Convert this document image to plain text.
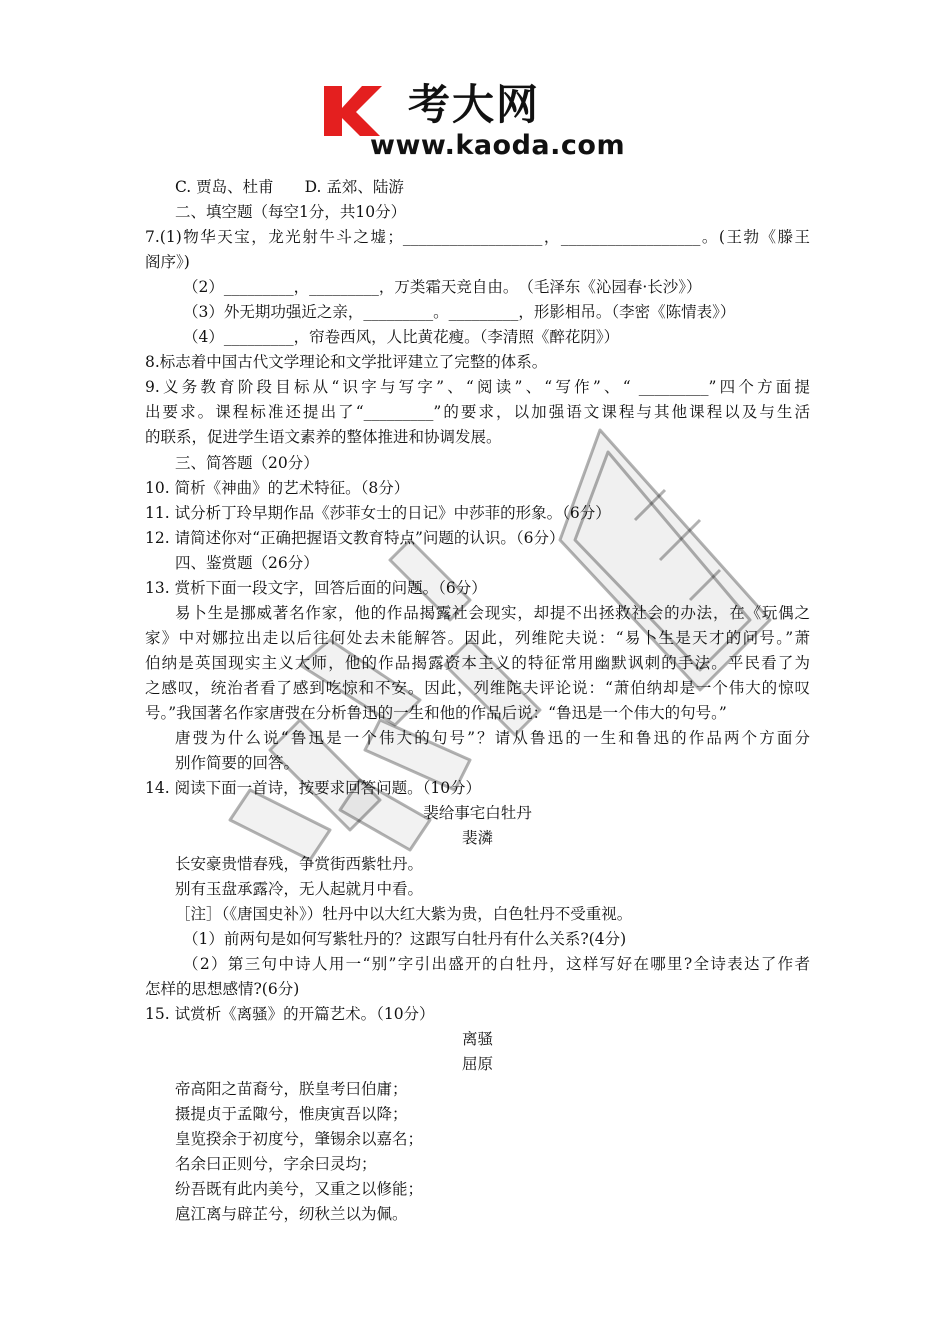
考大网
www.kaoda.com
C. 贾岛、杜甫　　D. 孟郊、陆游
二、填空题（每空1分，共10分）
7.(1)物华天宝，龙光射牛斗之墟；__________________，__________________。(王勃《滕王
阁序》)
（2）_________，_________，万类霜天竞自由。　（毛泽东《沁园春·长沙》）
（3）外无期功强近之亲，_________。_________，形影相吊。（李密《陈情表》）
（4）_________，帘卷西风，人比黄花瘦。（李清照《醉花阴》）
8.标志着中国古代文学理论和文学批评建立了完整的体系。
9.义务教育阶段目标从“识字与写字”、“阅读”、“写作”、“ _________”四个方面提
出要求。课程标准还提出了“_________”的要求，以加强语文课程与其他课程以及与生活
的联系，促进学生语文素养的整体推进和协调发展。
三、简答题（20分）
10. 简析《神曲》的艺术特征。（8分）
11. 试分析丁玲早期作品《莎菲女士的日记》中莎菲的形象。（6分）
12. 请简述你对“正确把握语文教育特点”问题的认识。（6分）
四、鉴赏题（26分）
13. 赏析下面一段文字，回答后面的问题。（6分）
易卜生是挪威著名作家，他的作品揭露社会现实，却提不出拯救社会的办法，在《玩偶之
家》中对娜拉出走以后往何处去未能解答。因此，列维陀夫说：“易卜生是天才的问号。”萧
伯纳是英国现实主义大师，他的作品揭露资本主义的特征常用幽默讽刺的手法。平民看了为
之感叹，统治者看了感到吃惊和不安。因此，列维陀夫评论说：“萧伯纳却是一个伟大的惊叹
号。”我国著名作家唐弢在分析鲁迅的一生和他的作品后说：“鲁迅是一个伟大的句号。”
唐弢为什么说“鲁迅是一个伟大的句号”？请从鲁迅的一生和鲁迅的作品两个方面分
别作简要的回答。
14. 阅读下面一首诗，按要求回答问题。（10分）
裴给事宅白牡丹
裴潾
长安豪贵惜春残，争赏街西紫牡丹。
别有玉盘承露冷，无人起就月中看。
［注］（《唐国史补》）牡丹中以大红大紫为贵，白色牡丹不受重视。
（1）前两句是如何写紫牡丹的？这跟写白牡丹有什么关系?(4分)
（2）第三句中诗人用一“别”字引出盛开的白牡丹，这样写好在哪里?全诗表达了作者
怎样的思想感情?(6分)
15. 试赏析《离骚》的开篇艺术。（10分）
离骚
屈原
帝高阳之苗裔兮，朕皇考曰伯庸；
摄提贞于孟陬兮，惟庚寅吾以降；
皇览揆余于初度兮，肇锡余以嘉名；
名余曰正则兮，字余曰灵均；
纷吾既有此内美兮，又重之以修能；
扈江离与辟芷兮，纫秋兰以为佩。
